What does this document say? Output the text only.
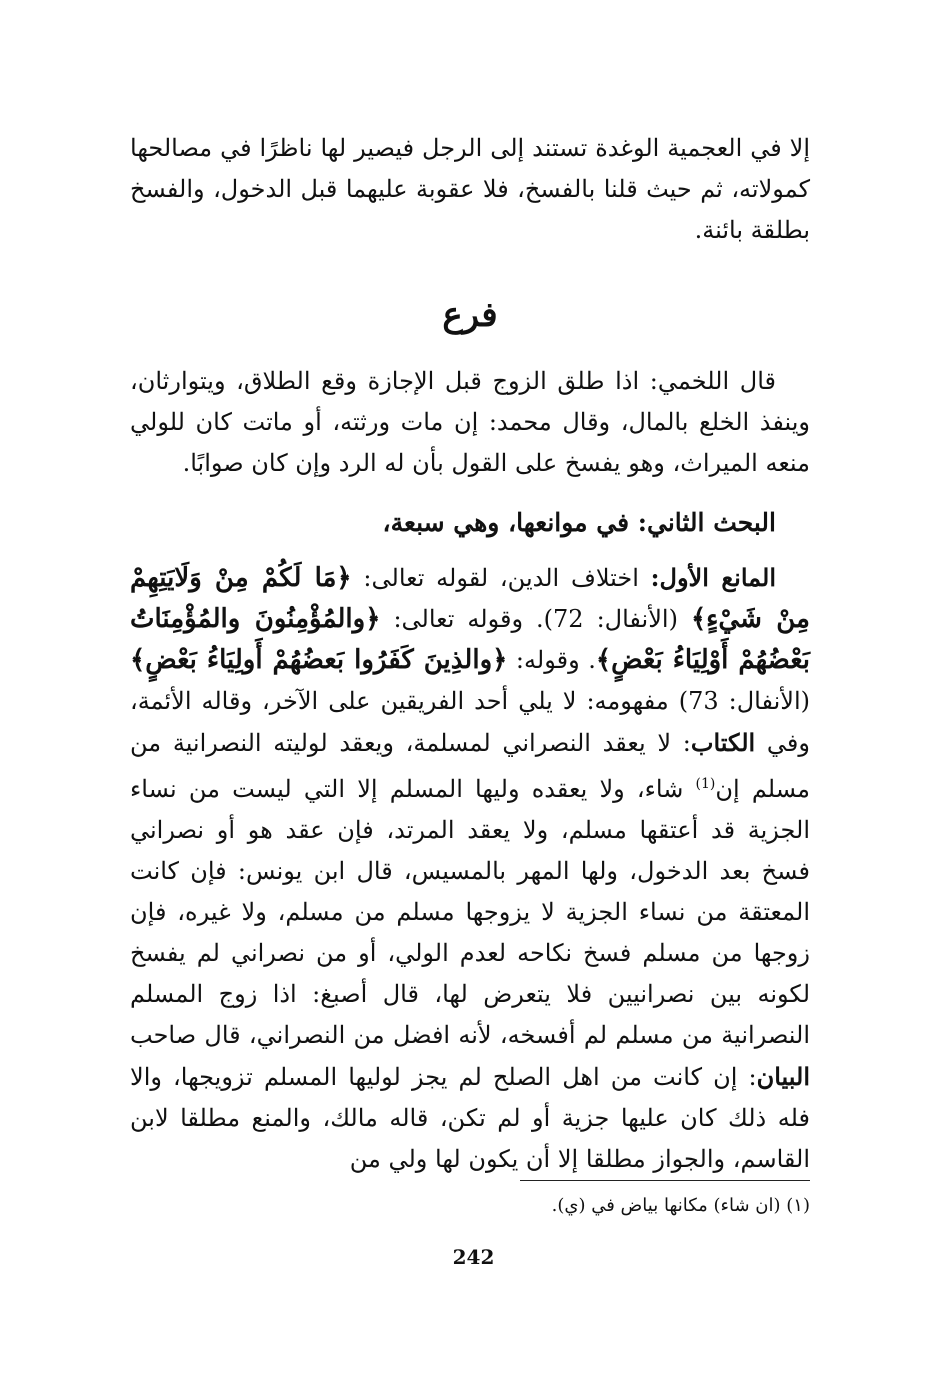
إلا في العجمية الوغدة تستند إلى الرجل فيصير لها ناظرًا في مصالحها كمولاته، ثم حيث قلنا بالفسخ، فلا عقوبة عليهما قبل الدخول، والفسخ بطلقة بائنة.

فرع

قال اللخمي: اذا طلق الزوج قبل الإجازة وقع الطلاق، ويتوارثان، وينفذ الخلع بالمال، وقال محمد: إن مات ورثته، أو ماتت كان للولي منعه الميراث، وهو يفسخ على القول بأن له الرد وإن كان صوابًا.

البحث الثاني: في موانعها، وهي سبعة،

المانع الأول: اختلاف الدين، لقوله تعالى: ﴿مَا لَكُمْ مِنْ وَلَايَتِهِمْ مِنْ شَيْءٍ﴾ (الأنفال: 72). وقوله تعالى: ﴿والمُؤْمِنُونَ والمُؤْمِنَاتُ بَعْضُهُمْ أَوْلِيَاءُ بَعْضٍ﴾. وقوله: ﴿والذِينَ كَفَرُوا بَعضُهُمْ أَولِيَاءُ بَعْضٍ﴾ (الأنفال: 73) مفهومه: لا يلي أحد الفريقين على الآخر، وقاله الأئمة، وفي الكتاب: لا يعقد النصراني لمسلمة، ويعقد لوليته النصرانية من مسلم إن$^{(1)}$ شاء، ولا يعقده وليها المسلم إلا التي ليست من نساء الجزية قد أعتقها مسلم، ولا يعقد المرتد، فإن عقد هو أو نصراني فسخ بعد الدخول، ولها المهر بالمسيس، قال ابن يونس: فإن كانت المعتقة من نساء الجزية لا يزوجها مسلم من مسلم، ولا غيره، فإن زوجها من مسلم فسخ نكاحه لعدم الولي، أو من نصراني لم يفسخ لكونه بين نصرانيين فلا يتعرض لها، قال أصبغ: اذا زوج المسلم النصرانية من مسلم لم أفسخه، لأنه افضل من النصراني، قال صاحب البيان: إن كانت من اهل الصلح لم يجز لوليها المسلم تزويجها، والا فله ذلك كان عليها جزية أو لم تكن، قاله مالك، والمنع مطلقا لابن القاسم، والجواز مطلقا إلا أن يكون لها ولي من

(١) (ان شاء) مكانها بياض في (ي).
242
